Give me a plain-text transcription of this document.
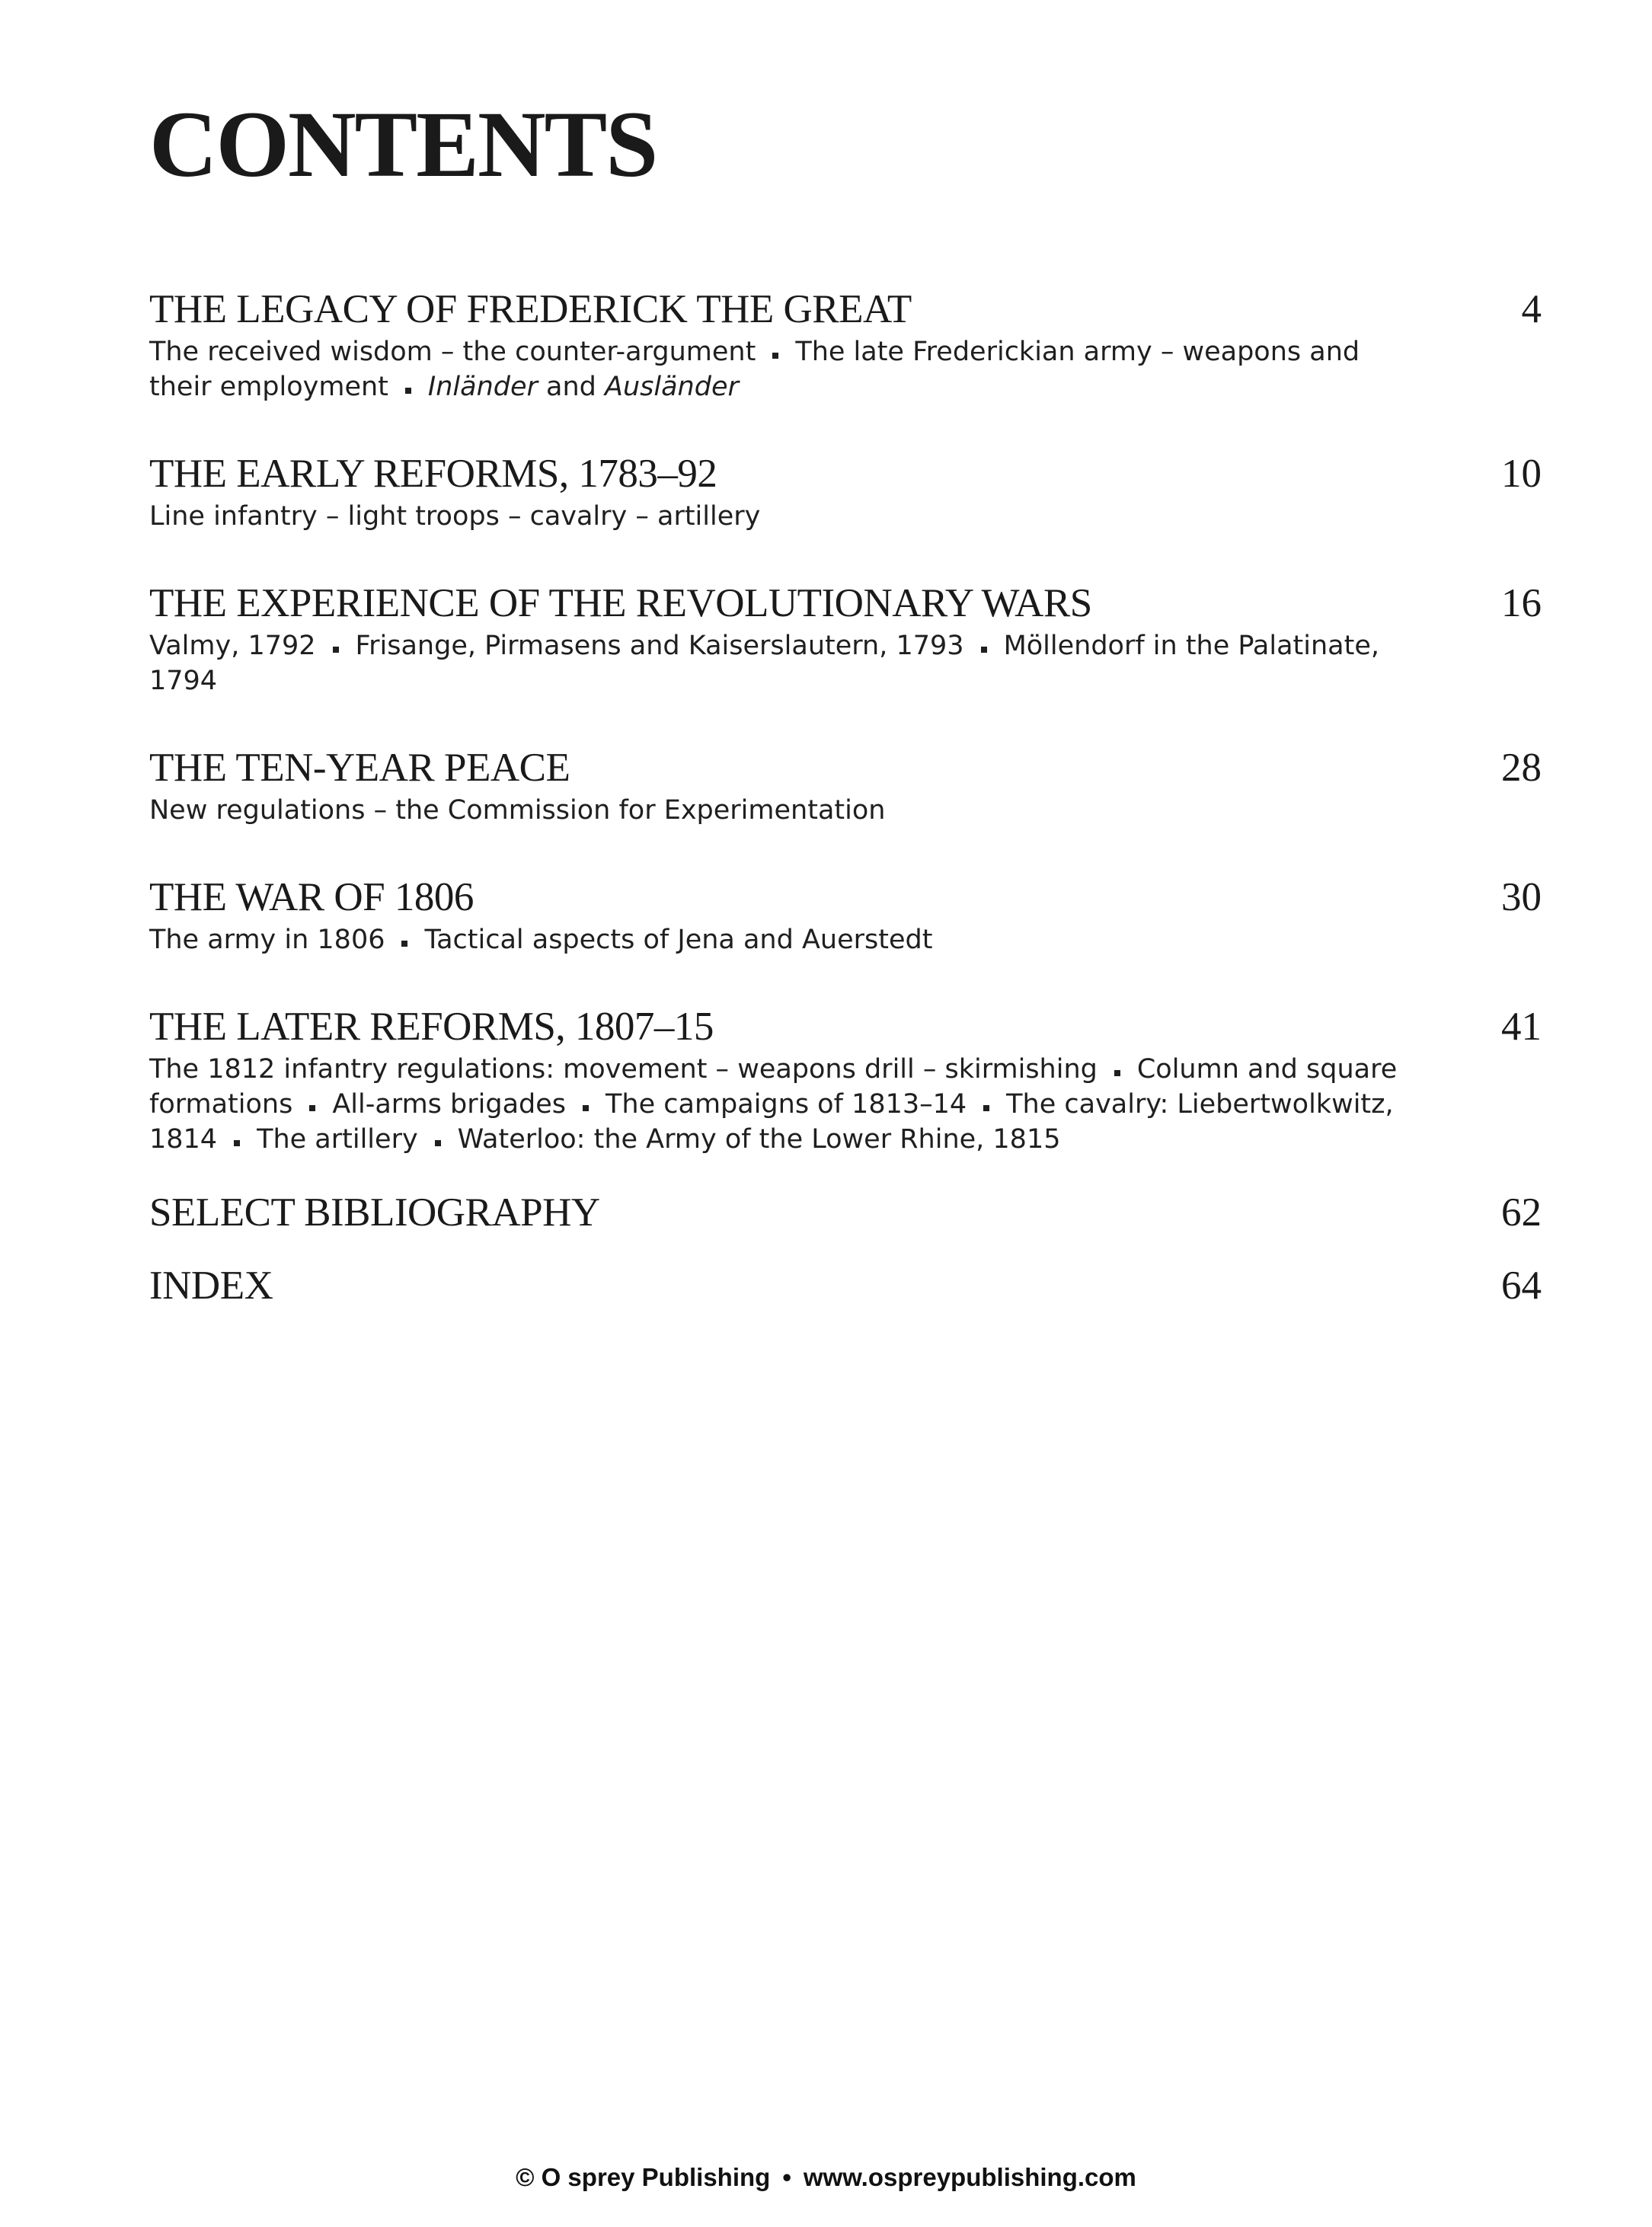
CONTENTS
THE LEGACY OF FREDERICK THE GREAT	4
The received wisdom – the counter-argument The late Frederickian army – weapons and their employment Inländer and Ausländer
THE EARLY REFORMS, 1783–92	10
Line infantry – light troops – cavalry – artillery
THE EXPERIENCE OF THE REVOLUTIONARY WARS	16
Valmy, 1792 Frisange, Pirmasens and Kaiserslautern, 1793 Möllendorf in the Palatinate, 1794
THE TEN-YEAR PEACE	28
New regulations – the Commission for Experimentation
THE WAR OF 1806	30
The army in 1806 Tactical aspects of Jena and Auerstedt
THE LATER REFORMS, 1807–15	41
The 1812 infantry regulations: movement – weapons drill – skirmishing Column and square formations All-arms brigades The campaigns of 1813–14 The cavalry: Liebertwolkwitz, 1814 The artillery Waterloo: the Army of the Lower Rhine, 1815
SELECT BIBLIOGRAPHY	62
INDEX	64
© O sprey Publishing • www.ospreypublishing.com
